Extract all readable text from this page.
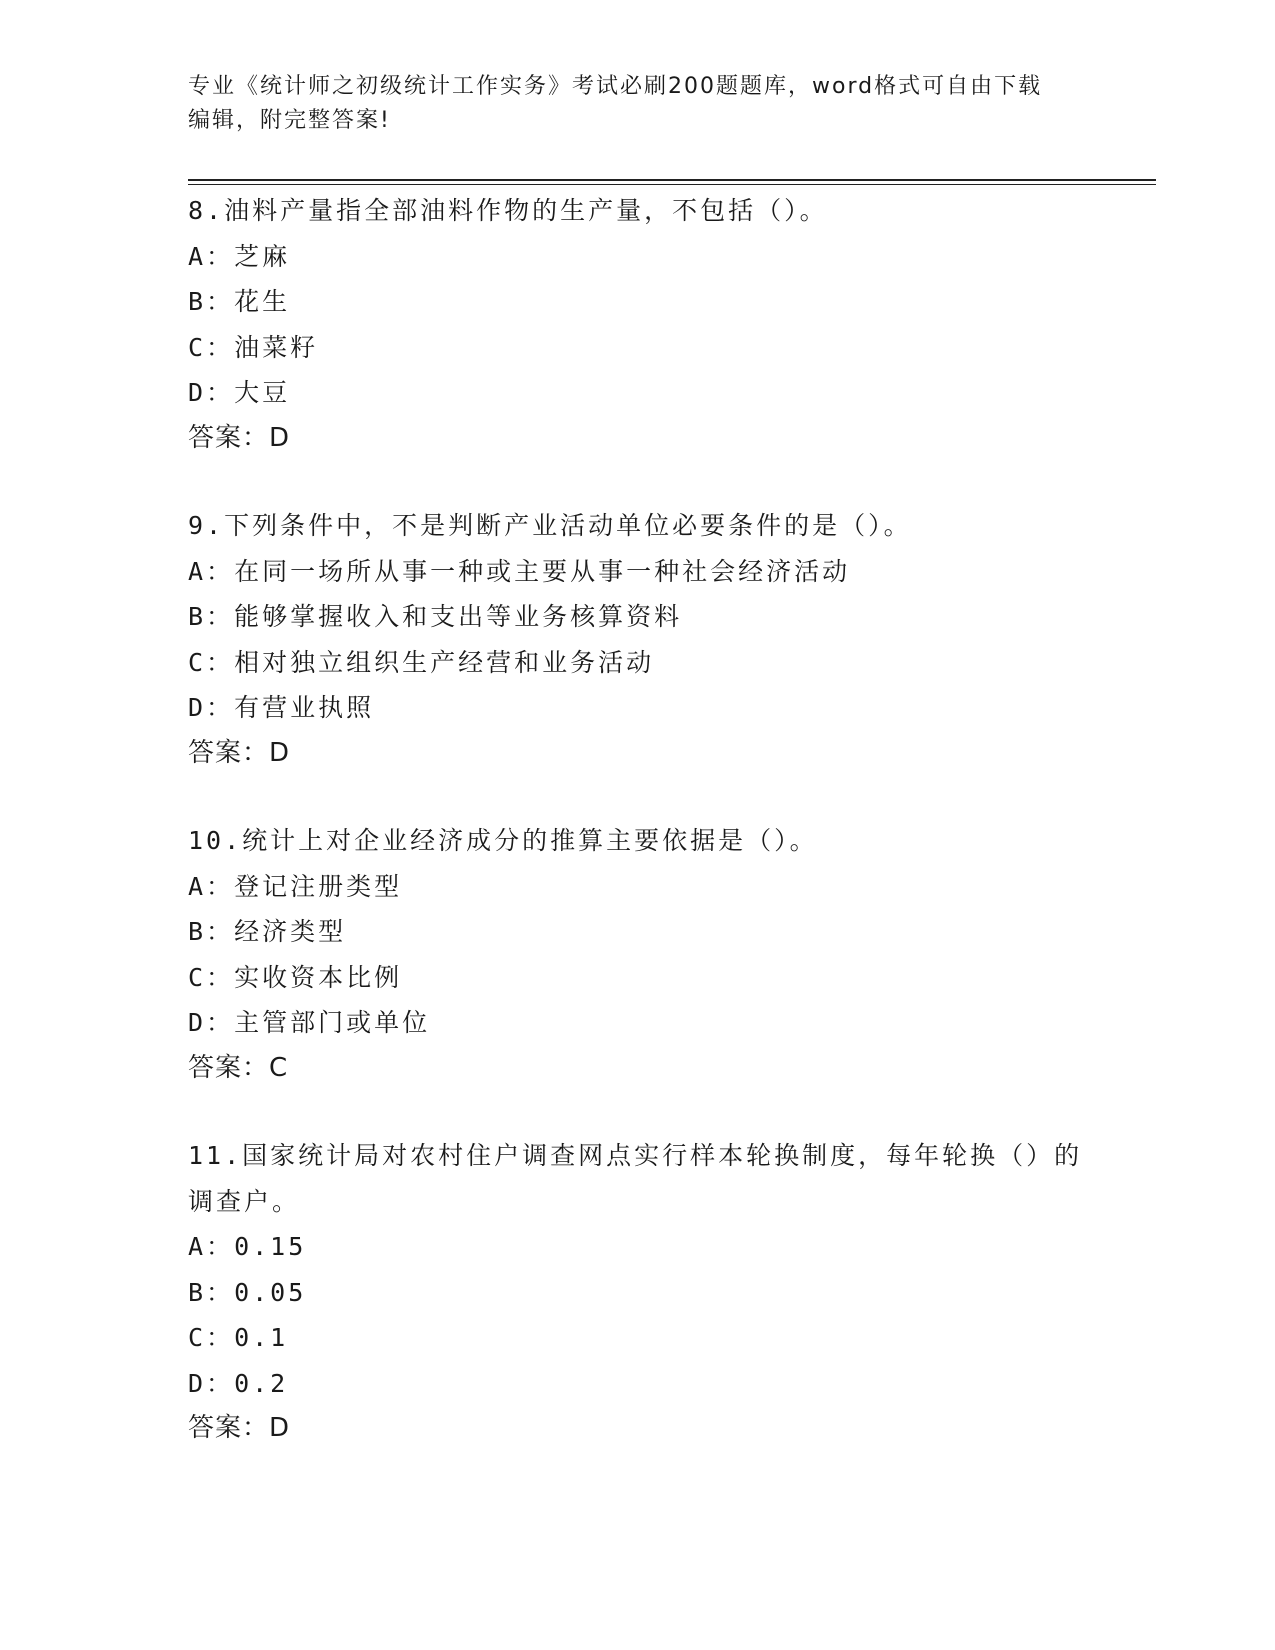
专业《统计师之初级统计工作实务》考试必刷200题题库，word格式可自由下载
编辑，附完整答案!
8.油料产量指全部油料作物的生产量，不包括（）。
A： 芝麻
B： 花生
C： 油菜籽
D： 大豆
答案：D
9.下列条件中，不是判断产业活动单位必要条件的是（）。
A： 在同一场所从事一种或主要从事一种社会经济活动
B： 能够掌握收入和支出等业务核算资料
C： 相对独立组织生产经营和业务活动
D： 有营业执照
答案：D
10.统计上对企业经济成分的推算主要依据是（）。
A： 登记注册类型
B： 经济类型
C： 实收资本比例
D： 主管部门或单位
答案：C
11.国家统计局对农村住户调查网点实行样本轮换制度，每年轮换（）的调查户。
A： 0.15
B： 0.05
C： 0.1
D： 0.2
答案：D
